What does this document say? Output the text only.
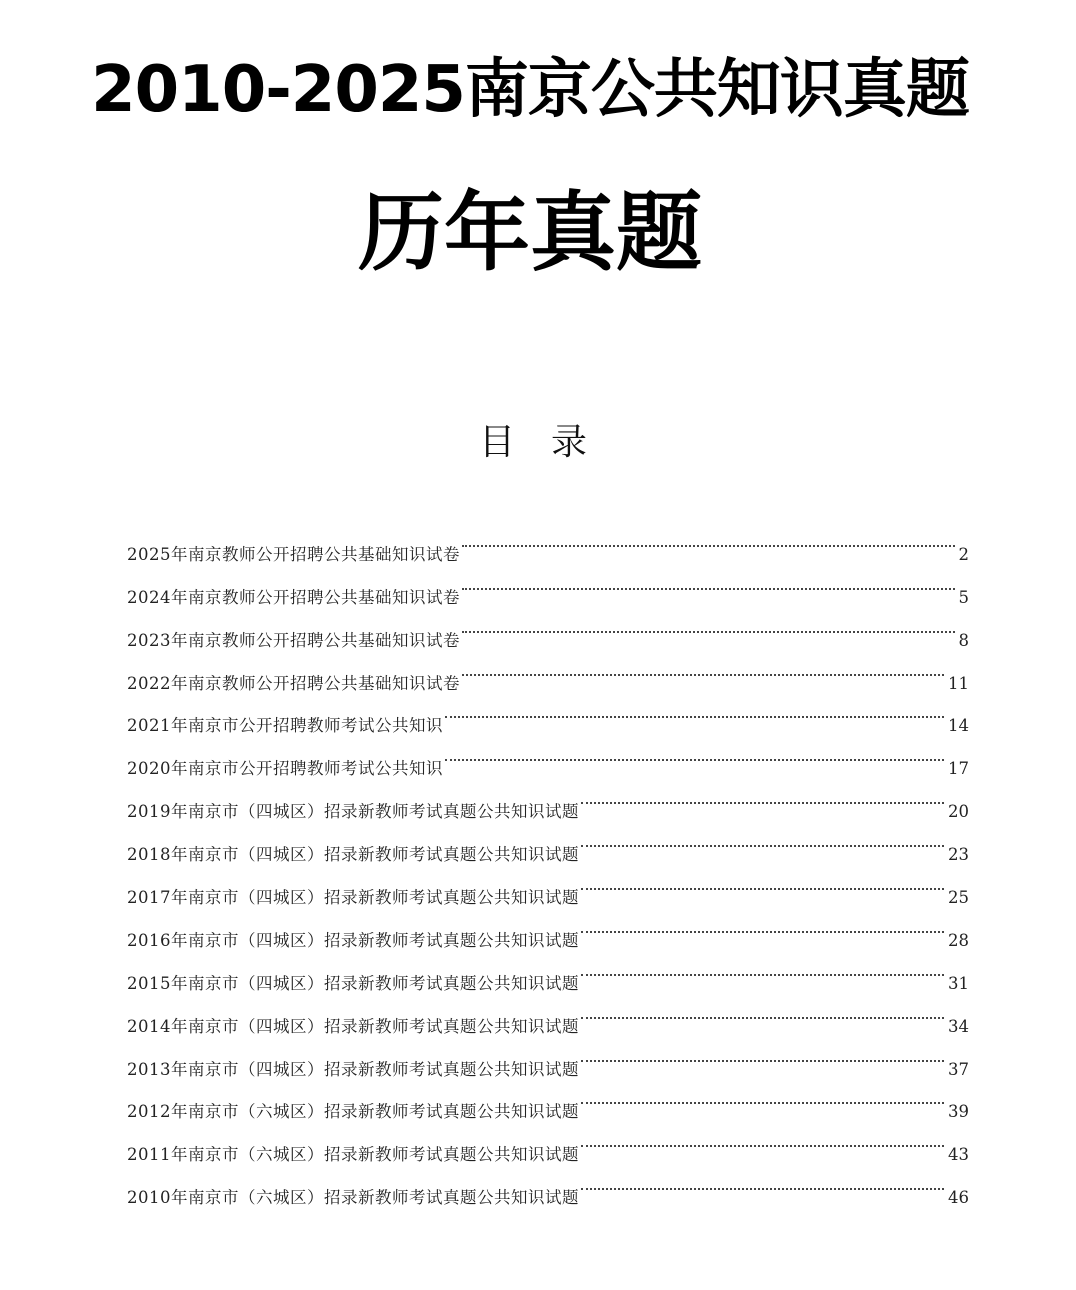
2010-2025南京公共知识真题
历年真题
目录
2025年南京教师公开招聘公共基础知识试卷	2
2024年南京教师公开招聘公共基础知识试卷	5
2023年南京教师公开招聘公共基础知识试卷	8
2022年南京教师公开招聘公共基础知识试卷	11
2021年南京市公开招聘教师考试公共知识	14
2020年南京市公开招聘教师考试公共知识	17
2019年南京市（四城区）招录新教师考试真题公共知识试题	20
2018年南京市（四城区）招录新教师考试真题公共知识试题	23
2017年南京市（四城区）招录新教师考试真题公共知识试题	25
2016年南京市（四城区）招录新教师考试真题公共知识试题	28
2015年南京市（四城区）招录新教师考试真题公共知识试题	31
2014年南京市（四城区）招录新教师考试真题公共知识试题	34
2013年南京市（四城区）招录新教师考试真题公共知识试题	37
2012年南京市（六城区）招录新教师考试真题公共知识试题	39
2011年南京市（六城区）招录新教师考试真题公共知识试题	43
2010年南京市（六城区）招录新教师考试真题公共知识试题	46
